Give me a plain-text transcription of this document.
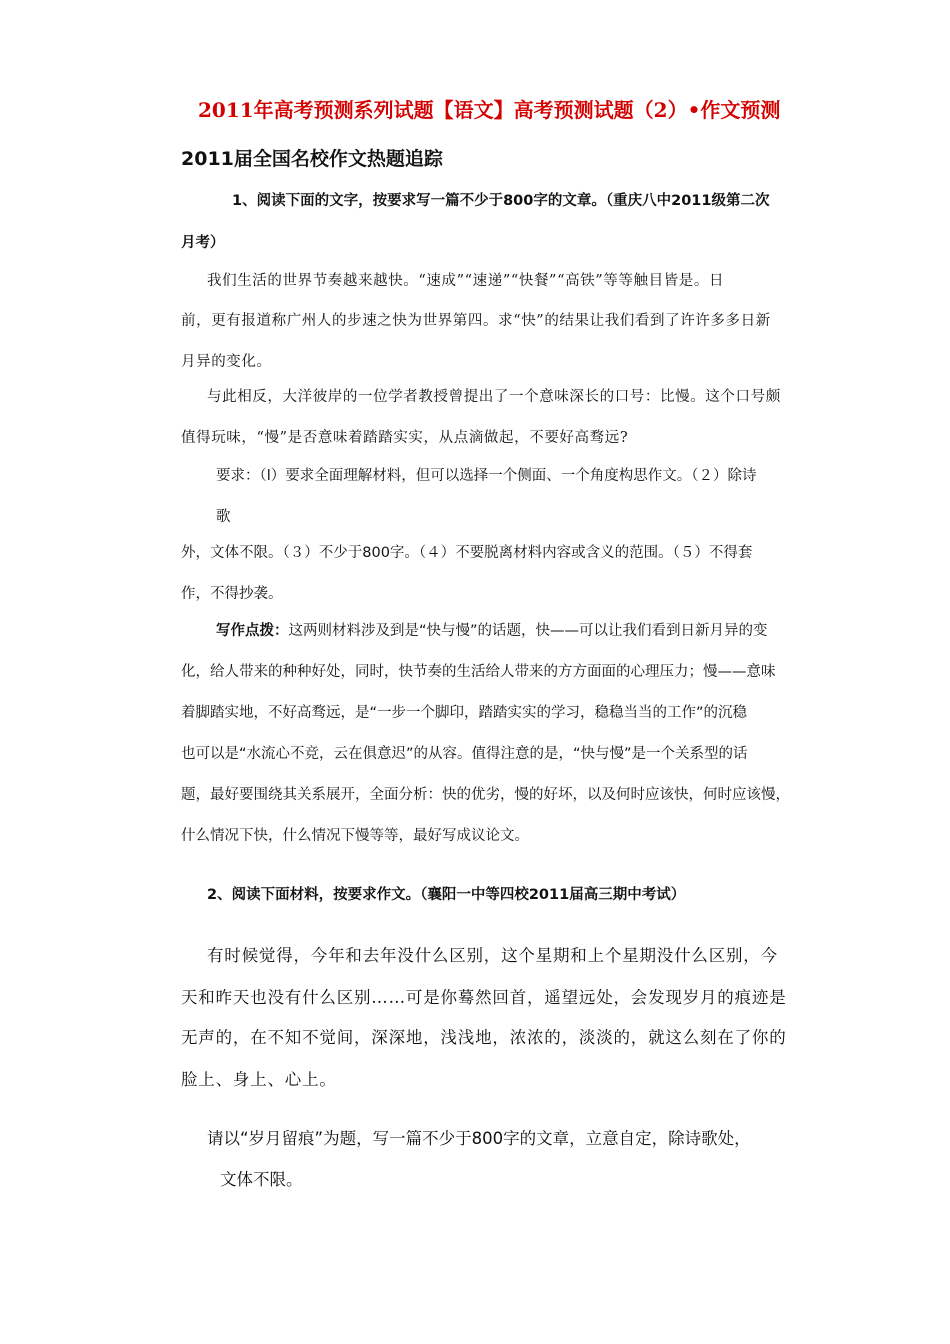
2011年高考预测系列试题【语文】高考预测试题（2）•作文预测
2011届全国名校作文热题追踪
1、阅读下面的文字，按要求写一篇不少于800字的文章。（重庆八中2011级第二次
月考）
我们生活的世界节奏越来越快。“速成”“速递”“快餐”“高铁”等等触目皆是。日
前，更有报道称广州人的步速之快为世界第四。求“快”的结果让我们看到了许许多多日新
月异的变化。
与此相反，大洋彼岸的一位学者教授曾提出了一个意味深长的口号：比慢。这个口号颇
值得玩味，“慢”是否意味着踏踏实实，从点滴做起，不要好高骛远?
要求：（l）要求全面理解材料，但可以选择一个侧面、一个角度构思作文。（２）除诗
歌
外，文体不限。（３）不少于800字。（４）不要脱离材料内容或含义的范围。（５）不得套
作，不得抄袭。
写作点拨：这两则材料涉及到是“快与慢”的话题，快——可以让我们看到日新月异的变
化，给人带来的种种好处，同时，快节奏的生活给人带来的方方面面的心理压力；慢——意味
着脚踏实地，不好高骛远，是“一步一个脚印，踏踏实实的学习，稳稳当当的工作”的沉稳
也可以是“水流心不竞，云在俱意迟”的从容。值得注意的是，“快与慢”是一个关系型的话
题，最好要围绕其关系展开，全面分析：快的优劣，慢的好坏，以及何时应该快，何时应该慢，
什么情况下快，什么情况下慢等等，最好写成议论文。
2、阅读下面材料，按要求作文。（襄阳一中等四校2011届高三期中考试）
有时候觉得，今年和去年没什么区别，这个星期和上个星期没什么区别，今
天和昨天也没有什么区别……可是你蓦然回首，遥望远处，会发现岁月的痕迹是
无声的，在不知不觉间，深深地，浅浅地，浓浓的，淡淡的，就这么刻在了你的
脸上、身上、心上。
请以“岁月留痕”为题，写一篇不少于800字的文章，立意自定，除诗歌处，
文体不限。
